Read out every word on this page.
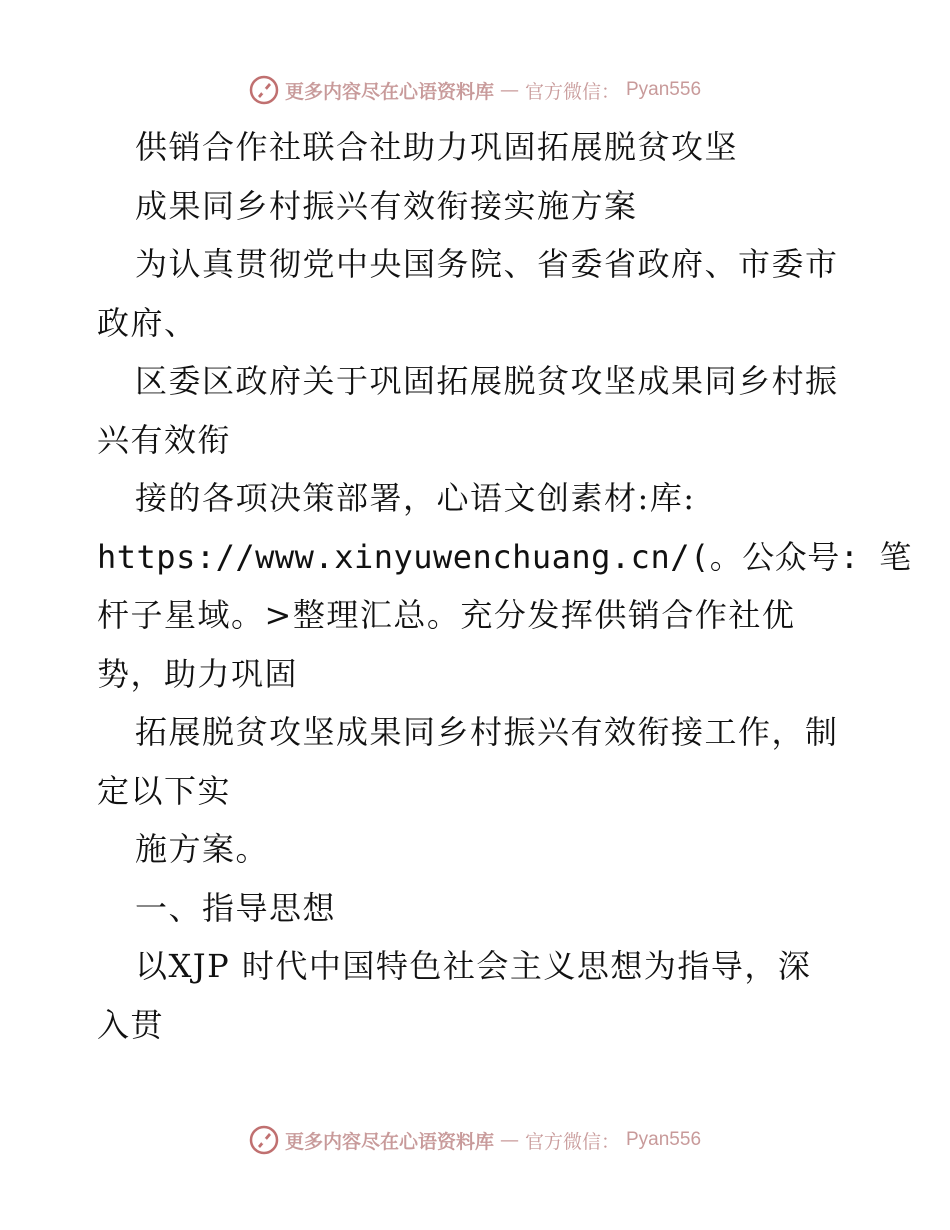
更多内容尽在心语资料库 — 官方微信： Pyan556
供销合作社联合社助力巩固拓展脱贫攻坚
成果同乡村振兴有效衔接实施方案
为认真贯彻党中央国务院、省委省政府、市委市
政府、
区委区政府关于巩固拓展脱贫攻坚成果同乡村振
兴有效衔
接的各项决策部署，心语文创素材:库:
https://www.xinyuwenchuang.cn/(。公众号: 笔
杆子星域。>整理汇总。充分发挥供销合作社优
势，助力巩固
拓展脱贫攻坚成果同乡村振兴有效衔接工作，制
定以下实
施方案。
一、指导思想
以XJP 时代中国特色社会主义思想为指导，深
入贯
更多内容尽在心语资料库 — 官方微信： Pyan556
